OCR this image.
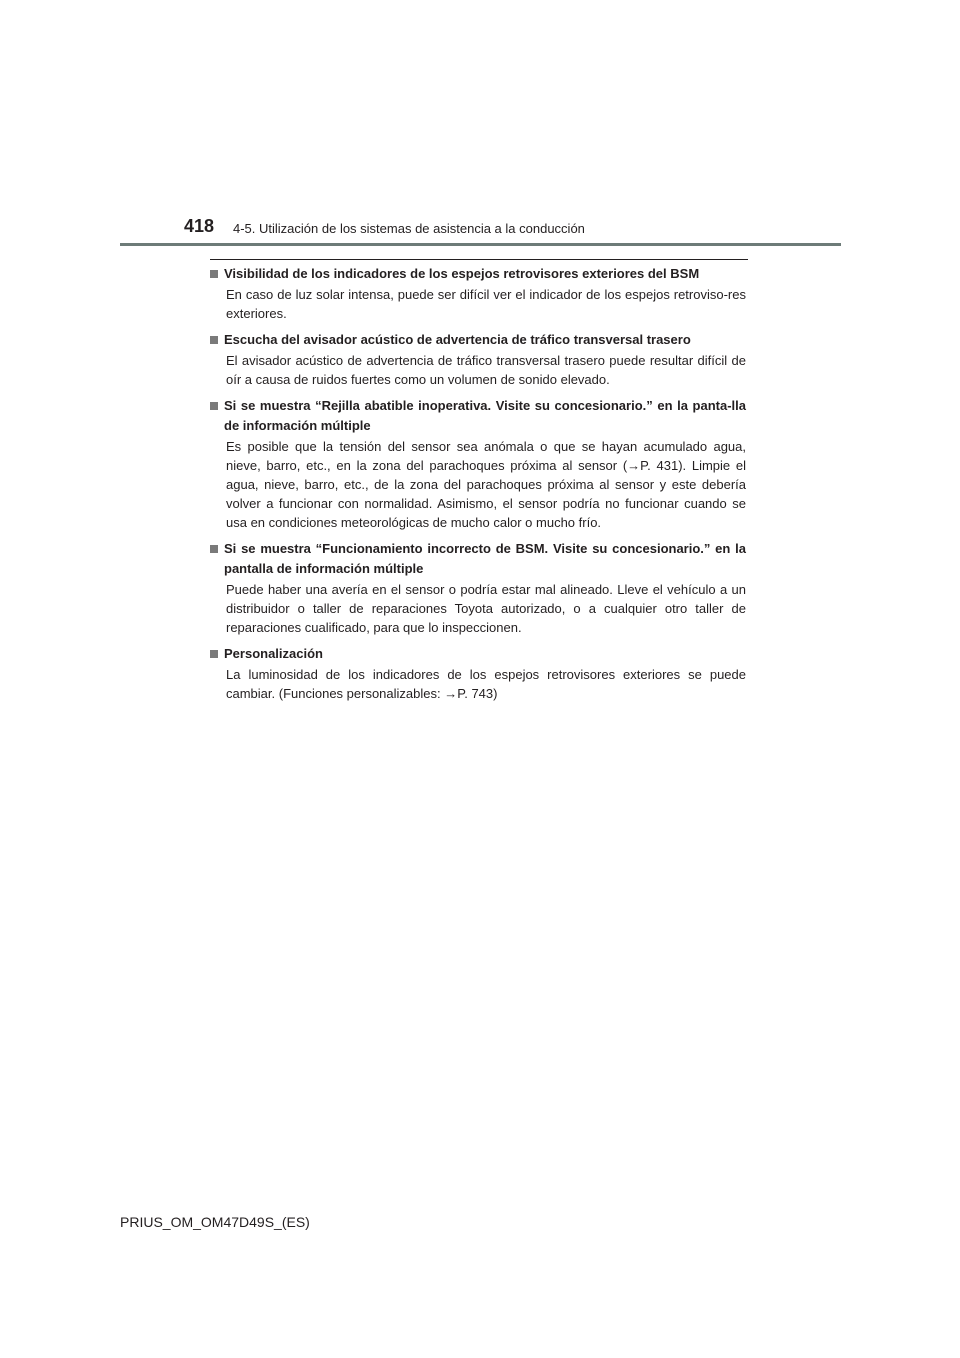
418 4-5. Utilización de los sistemas de asistencia a la conducción
Visibilidad de los indicadores de los espejos retrovisores exteriores del BSM
En caso de luz solar intensa, puede ser difícil ver el indicador de los espejos retroviso-res exteriores.
Escucha del avisador acústico de advertencia de tráfico transversal trasero
El avisador acústico de advertencia de tráfico transversal trasero puede resultar difícil de oír a causa de ruidos fuertes como un volumen de sonido elevado.
Si se muestra “Rejilla abatible inoperativa. Visite su concesionario.” en la panta-lla de información múltiple
Es posible que la tensión del sensor sea anómala o que se hayan acumulado agua, nieve, barro, etc., en la zona del parachoques próxima al sensor (→P. 431). Limpie el agua, nieve, barro, etc., de la zona del parachoques próxima al sensor y este debería volver a funcionar con normalidad. Asimismo, el sensor podría no funcionar cuando se usa en condiciones meteorológicas de mucho calor o mucho frío.
Si se muestra “Funcionamiento incorrecto de BSM. Visite su concesionario.” en la pantalla de información múltiple
Puede haber una avería en el sensor o podría estar mal alineado. Lleve el vehículo a un distribuidor o taller de reparaciones Toyota autorizado, o a cualquier otro taller de reparaciones cualificado, para que lo inspeccionen.
Personalización
La luminosidad de los indicadores de los espejos retrovisores exteriores se puede cambiar. (Funciones personalizables: →P. 743)
PRIUS_OM_OM47D49S_(ES)
